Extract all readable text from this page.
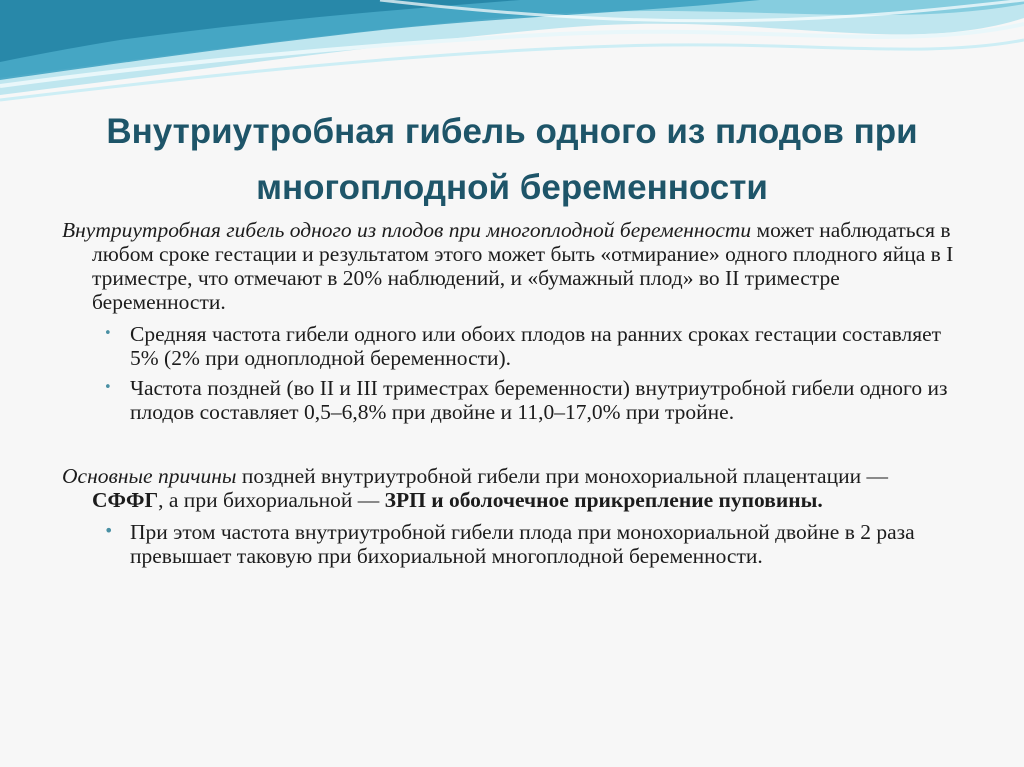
Внутриутробная гибель одного из плодов при
многоплодной беременности

Внутриутробная гибель одного из плодов при многоплодной беременности может наблюдаться в любом сроке гестации и результатом этого может быть «отмирание» одного плодного яйца в I триместре, что отмечают в 20% наблюдений, и «бумажный плод» во II триместре беременности.

• Средняя частота гибели одного или обоих плодов на ранних сроках гестации составляет 5% (2% при одноплодной беременности).
• Частота поздней (во II и III триместрах беременности) внутриутробной гибели одного из плодов составляет 0,5–6,8% при двойне и 11,0–17,0% при тройне.

Основные причины поздней внутриутробной гибели при монохориальной плацентации — СФФГ, а при бихориальной — ЗРП и оболочечное прикрепление пуповины.

• При этом частота внутриутробной гибели плода при монохориальной двойне в 2 раза превышает таковую при бихориальной многоплодной беременности.
